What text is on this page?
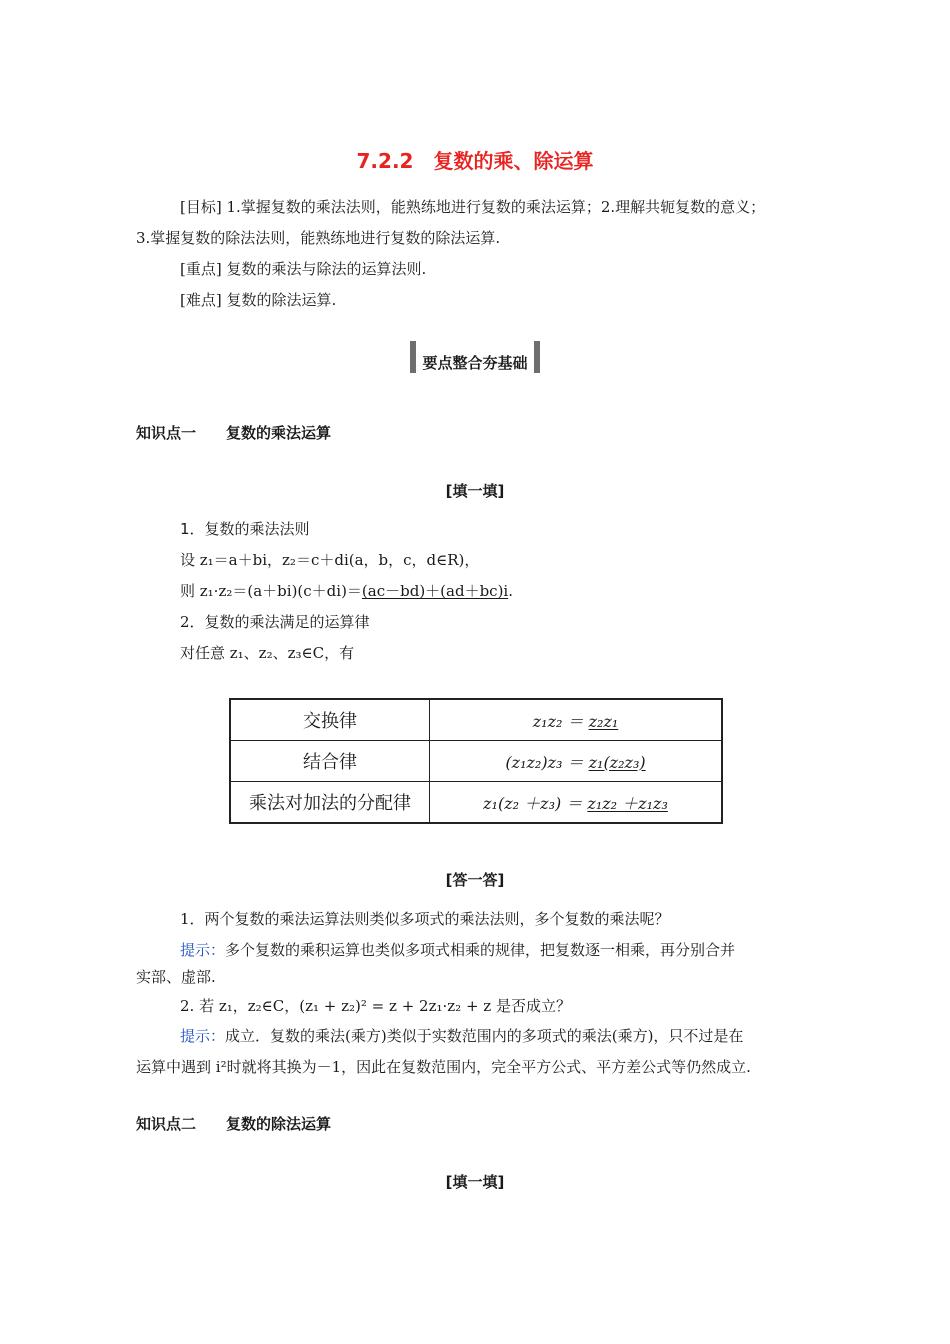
7.2.2　复数的乘、除运算
[目标] 1.掌握复数的乘法法则，能熟练地进行复数的乘法运算；2.理解共轭复数的意义；
3.掌握复数的除法法则，能熟练地进行复数的除法运算.
[重点] 复数的乘法与除法的运算法则.
[难点] 复数的除法运算.
要点整合夯基础
知识点一　　复数的乘法运算
[填一填]
1．复数的乘法法则
设 z₁＝a＋bi，z₂＝c＋di(a，b，c，d∈R)，
则 z₁·z₂＝(a＋bi)(c＋di)＝(ac－bd)＋(ad＋bc)i.
2．复数的乘法满足的运算律
对任意 z₁、z₂、z₃∈C，有
交换律	z₁z₂ ＝ z₂z₁
结合律	(z₁z₂)z₃ ＝ z₁(z₂z₃)
乘法对加法的分配律	z₁(z₂ ＋z₃) ＝ z₁z₂ ＋z₁z₃
[答一答]
1．两个复数的乘法运算法则类似多项式的乘法法则，多个复数的乘法呢？
提示：多个复数的乘积运算也类似多项式相乘的规律，把复数逐一相乘，再分别合并
实部、虚部.
2. 若 z₁，z₂∈C，(z₁ + z₂)² = z + 2z₁·z₂ + z 是否成立？
提示：成立．复数的乘法(乘方)类似于实数范围内的多项式的乘法(乘方)，只不过是在
运算中遇到 i²时就将其换为－1，因此在复数范围内，完全平方公式、平方差公式等仍然成立.
知识点二　　复数的除法运算
[填一填]
